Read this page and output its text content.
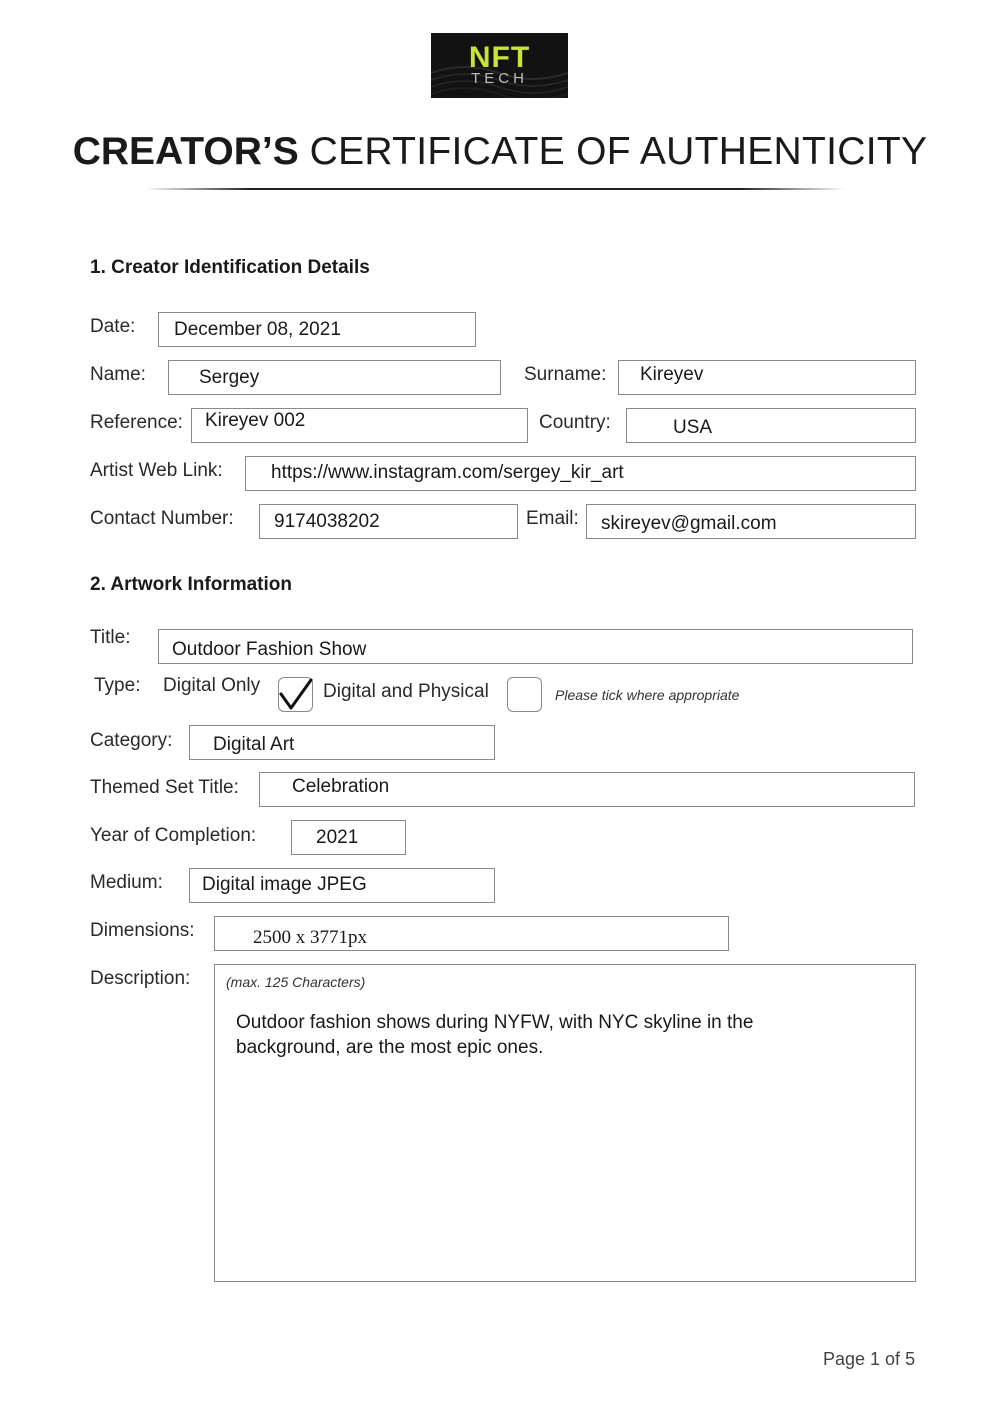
NFT
TECH
CREATOR’S CERTIFICATE OF AUTHENTICITY
1. Creator Identification Details
Date: December 08, 2021
Name:	Sergey	Surname: Kireyev
Reference: Kireyev 002	Country:	USA
Artist Web Link:	https://www.instagram.com/sergey_kir_art
Contact Number: 9174038202	Email: skireyev@gmail.com
2. Artwork Information
Title:
Outdoor Fashion Show
Type: Digital Only	Digital and Physical	Please tick where appropriate
Category: Digital Art
Themed Set Title:	Celebration
Year of Completion:	2021
Medium: Digital image JPEG
Dimensions:	2500 x 3771px
Description:	(max. 125 Characters)
Outdoor fashion shows during NYFW, with NYC skyline in the background, are the most epic ones.
Page 1 of 5
